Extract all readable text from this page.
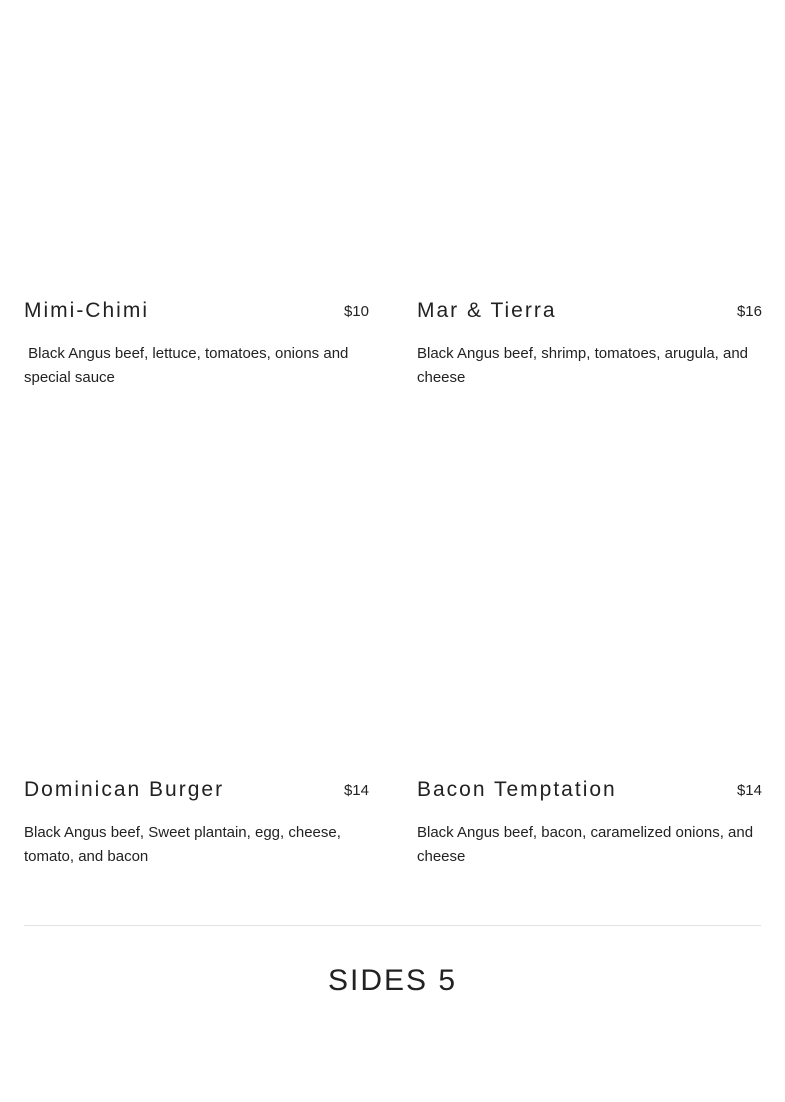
Mimi-Chimi	$10
Black Angus beef, lettuce, tomatoes, onions and special sauce
Mar & Tierra	$16
Black Angus beef, shrimp, tomatoes, arugula, and cheese
Dominican Burger	$14
Black Angus beef, Sweet plantain, egg, cheese, tomato, and bacon
Bacon Temptation	$14
Black Angus beef, bacon, caramelized onions, and cheese
SIDES 5
